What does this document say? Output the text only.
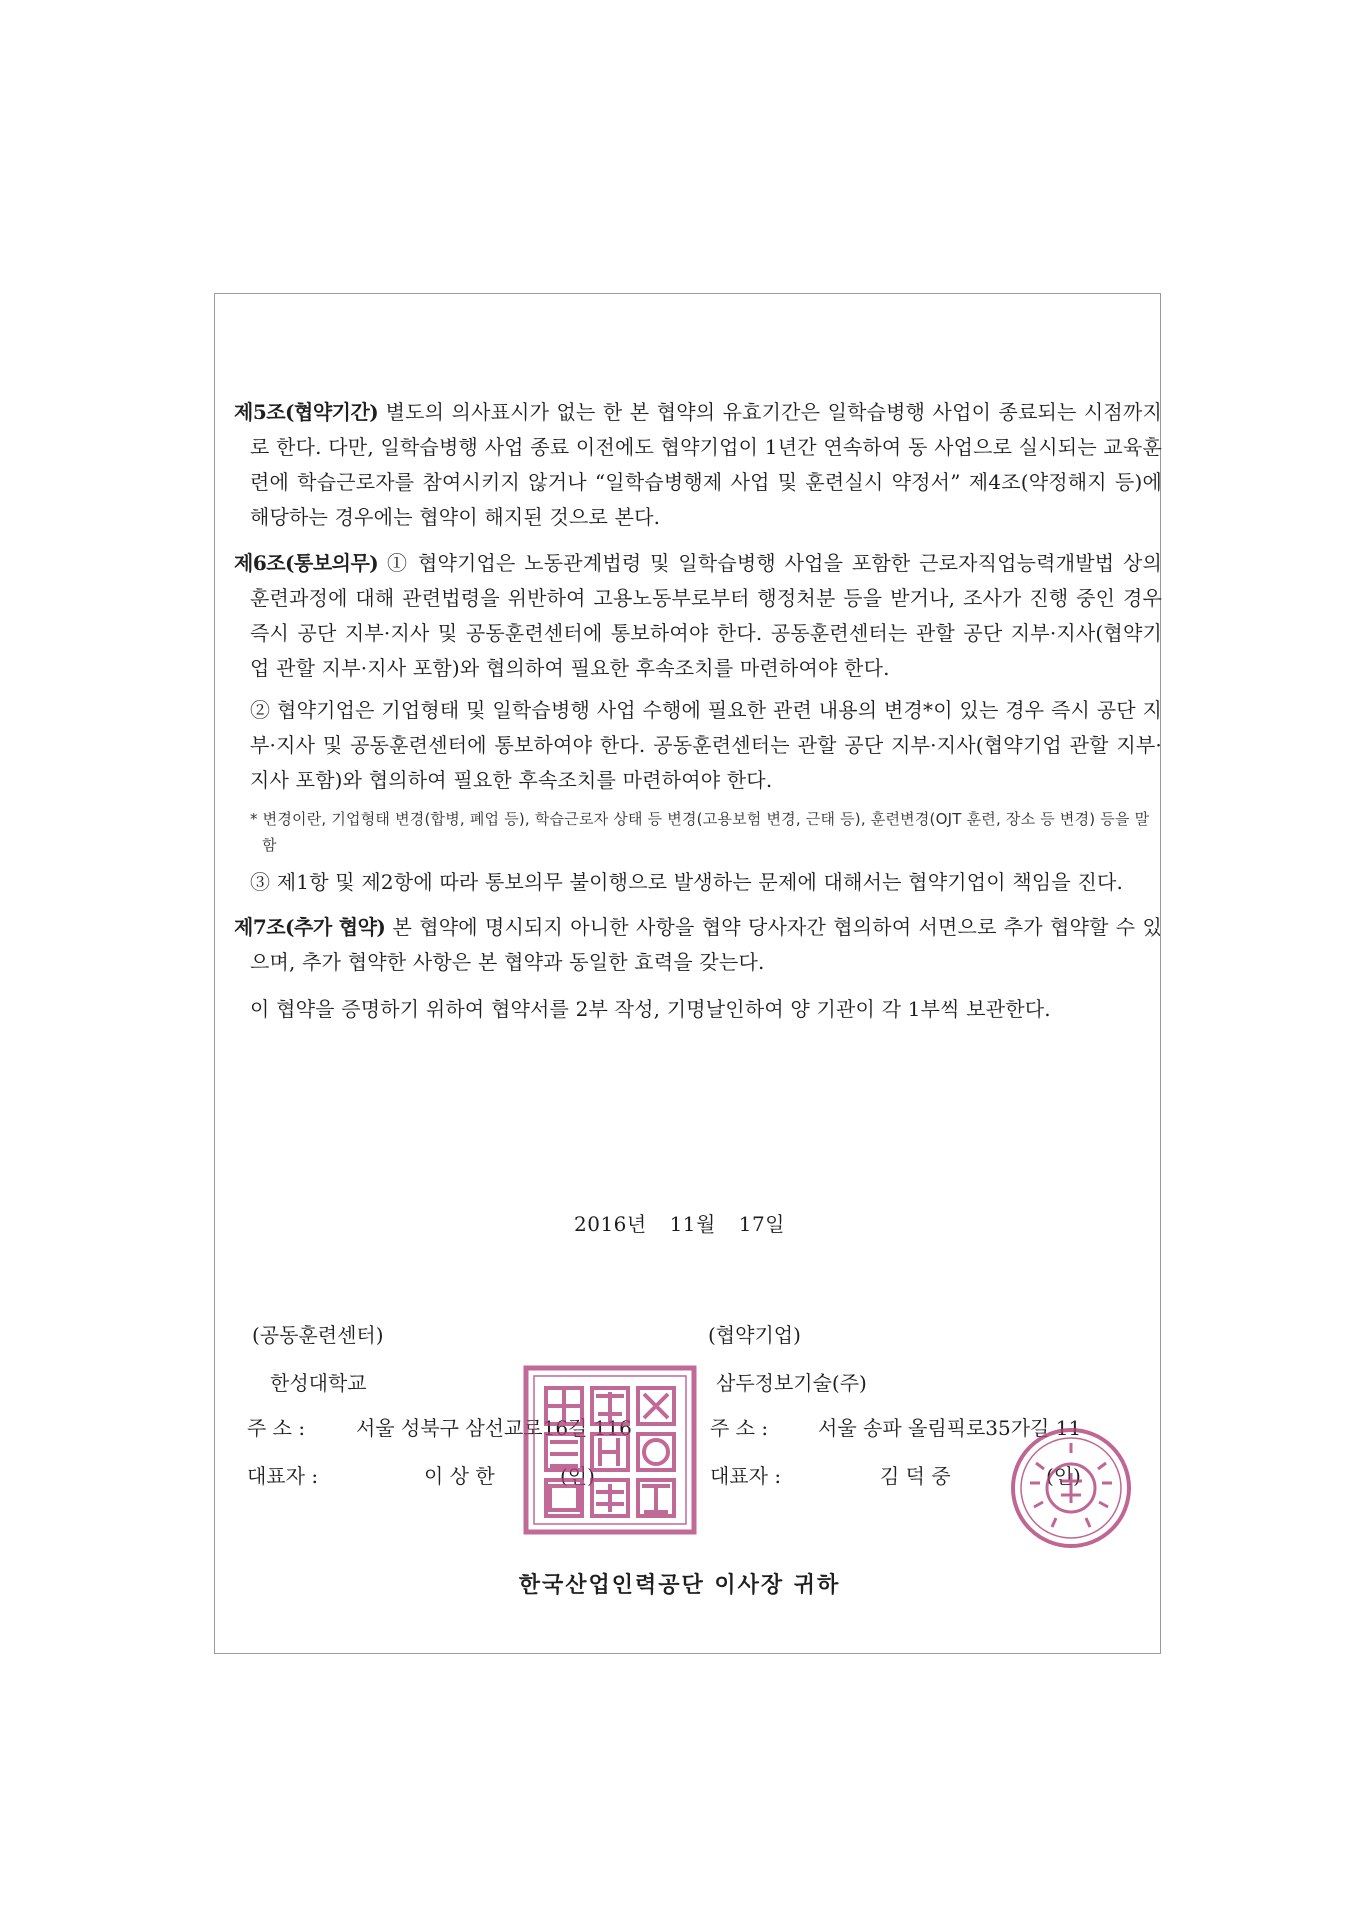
제5조(협약기간) 별도의 의사표시가 없는 한 본 협약의 유효기간은 일학습병행 사업이 종료되는 시점까지로 한다. 다만, 일학습병행 사업 종료 이전에도 협약기업이 1년간 연속하여 동 사업으로 실시되는 교육훈련에 학습근로자를 참여시키지 않거나 “일학습병행제 사업 및 훈련실시 약정서” 제4조(약정해지 등)에 해당하는 경우에는 협약이 해지된 것으로 본다.

제6조(통보의무) ① 협약기업은 노동관계법령 및 일학습병행 사업을 포함한 근로자직업능력개발법 상의 훈련과정에 대해 관련법령을 위반하여 고용노동부로부터 행정처분 등을 받거나, 조사가 진행 중인 경우 즉시 공단 지부·지사 및 공동훈련센터에 통보하여야 한다. 공동훈련센터는 관할 공단 지부·지사(협약기업 관할 지부·지사 포함)와 협의하여 필요한 후속조치를 마련하여야 한다.

② 협약기업은 기업형태 및 일학습병행 사업 수행에 필요한 관련 내용의 변경*이 있는 경우 즉시 공단 지부·지사 및 공동훈련센터에 통보하여야 한다. 공동훈련센터는 관할 공단 지부·지사(협약기업 관할 지부·지사 포함)와 협의하여 필요한 후속조치를 마련하여야 한다.

* 변경이란, 기업형태 변경(합병, 폐업 등), 학습근로자 상태 등 변경(고용보험 변경, 근태 등), 훈련변경(OJT 훈련, 장소 등 변경) 등을 말함

③ 제1항 및 제2항에 따라 통보의무 불이행으로 발생하는 문제에 대해서는 협약기업이 책임을 진다.

제7조(추가 협약) 본 협약에 명시되지 아니한 사항을 협약 당사자간 협의하여 서면으로 추가 협약할 수 있으며, 추가 협약한 사항은 본 협약과 동일한 효력을 갖는다.

이 협약을 증명하기 위하여 협약서를 2부 작성, 기명날인하여 양 기관이 각 1부씩 보관한다.

2016년 11월 17일
(공동훈련센터)
한성대학교
주 소 :	서울 성북구 삼선교로16길 116
대표자 :	이 상 한	(인)
(협약기업)
삼두정보기술(주)
주 소 : 서울 송파 올림픽로35가길 11
대표자 :	김 덕 중	(인)
한국산업인력공단 이사장 귀하
